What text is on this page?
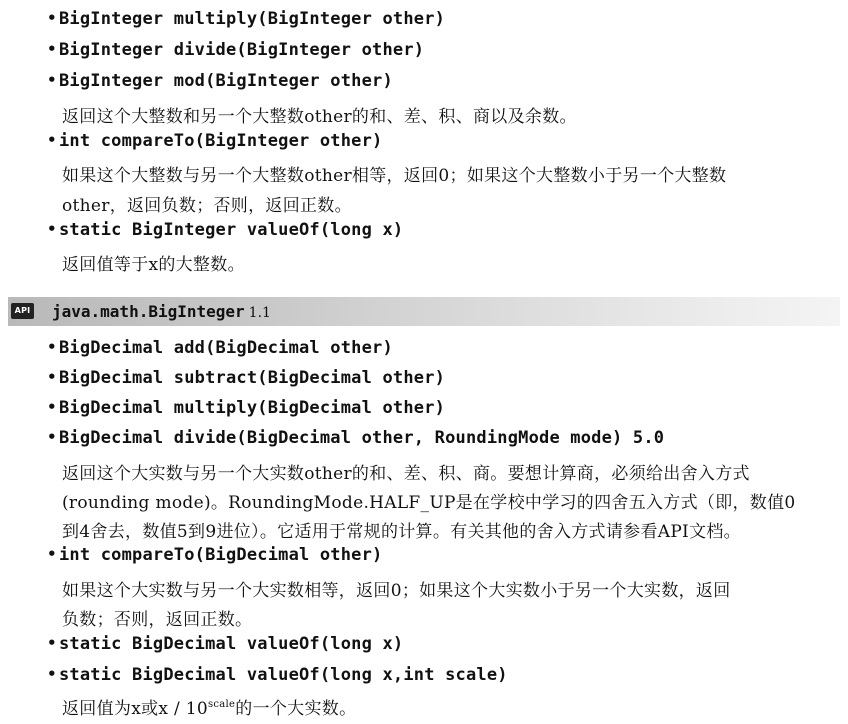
• BigInteger multiply(BigInteger other)
• BigInteger divide(BigInteger other)
• BigInteger mod(BigInteger other)
返回这个大整数和另一个大整数other的和、差、积、商以及余数。
• int compareTo(BigInteger other)
如果这个大整数与另一个大整数other相等，返回0；如果这个大整数小于另一个大整数
other，返回负数；否则，返回正数。
• static BigInteger valueOf(long x)
返回值等于x的大整数。
API java.math.BigInteger 1.1
• BigDecimal add(BigDecimal other)
• BigDecimal subtract(BigDecimal other)
• BigDecimal multiply(BigDecimal other)
• BigDecimal divide(BigDecimal other, RoundingMode mode) 5.0
返回这个大实数与另一个大实数other的和、差、积、商。要想计算商，必须给出舍入方式
(rounding mode)。RoundingMode.HALF_UP是在学校中学习的四舍五入方式（即，数值0
到4舍去，数值5到9进位）。它适用于常规的计算。有关其他的舍入方式请参看API文档。
• int compareTo(BigDecimal other)
如果这个大实数与另一个大实数相等，返回0；如果这个大实数小于另一个大实数，返回
负数；否则，返回正数。
• static BigDecimal valueOf(long x)
• static BigDecimal valueOf(long x,int scale)
返回值为x或x / $10^{scale}$的一个大实数。
